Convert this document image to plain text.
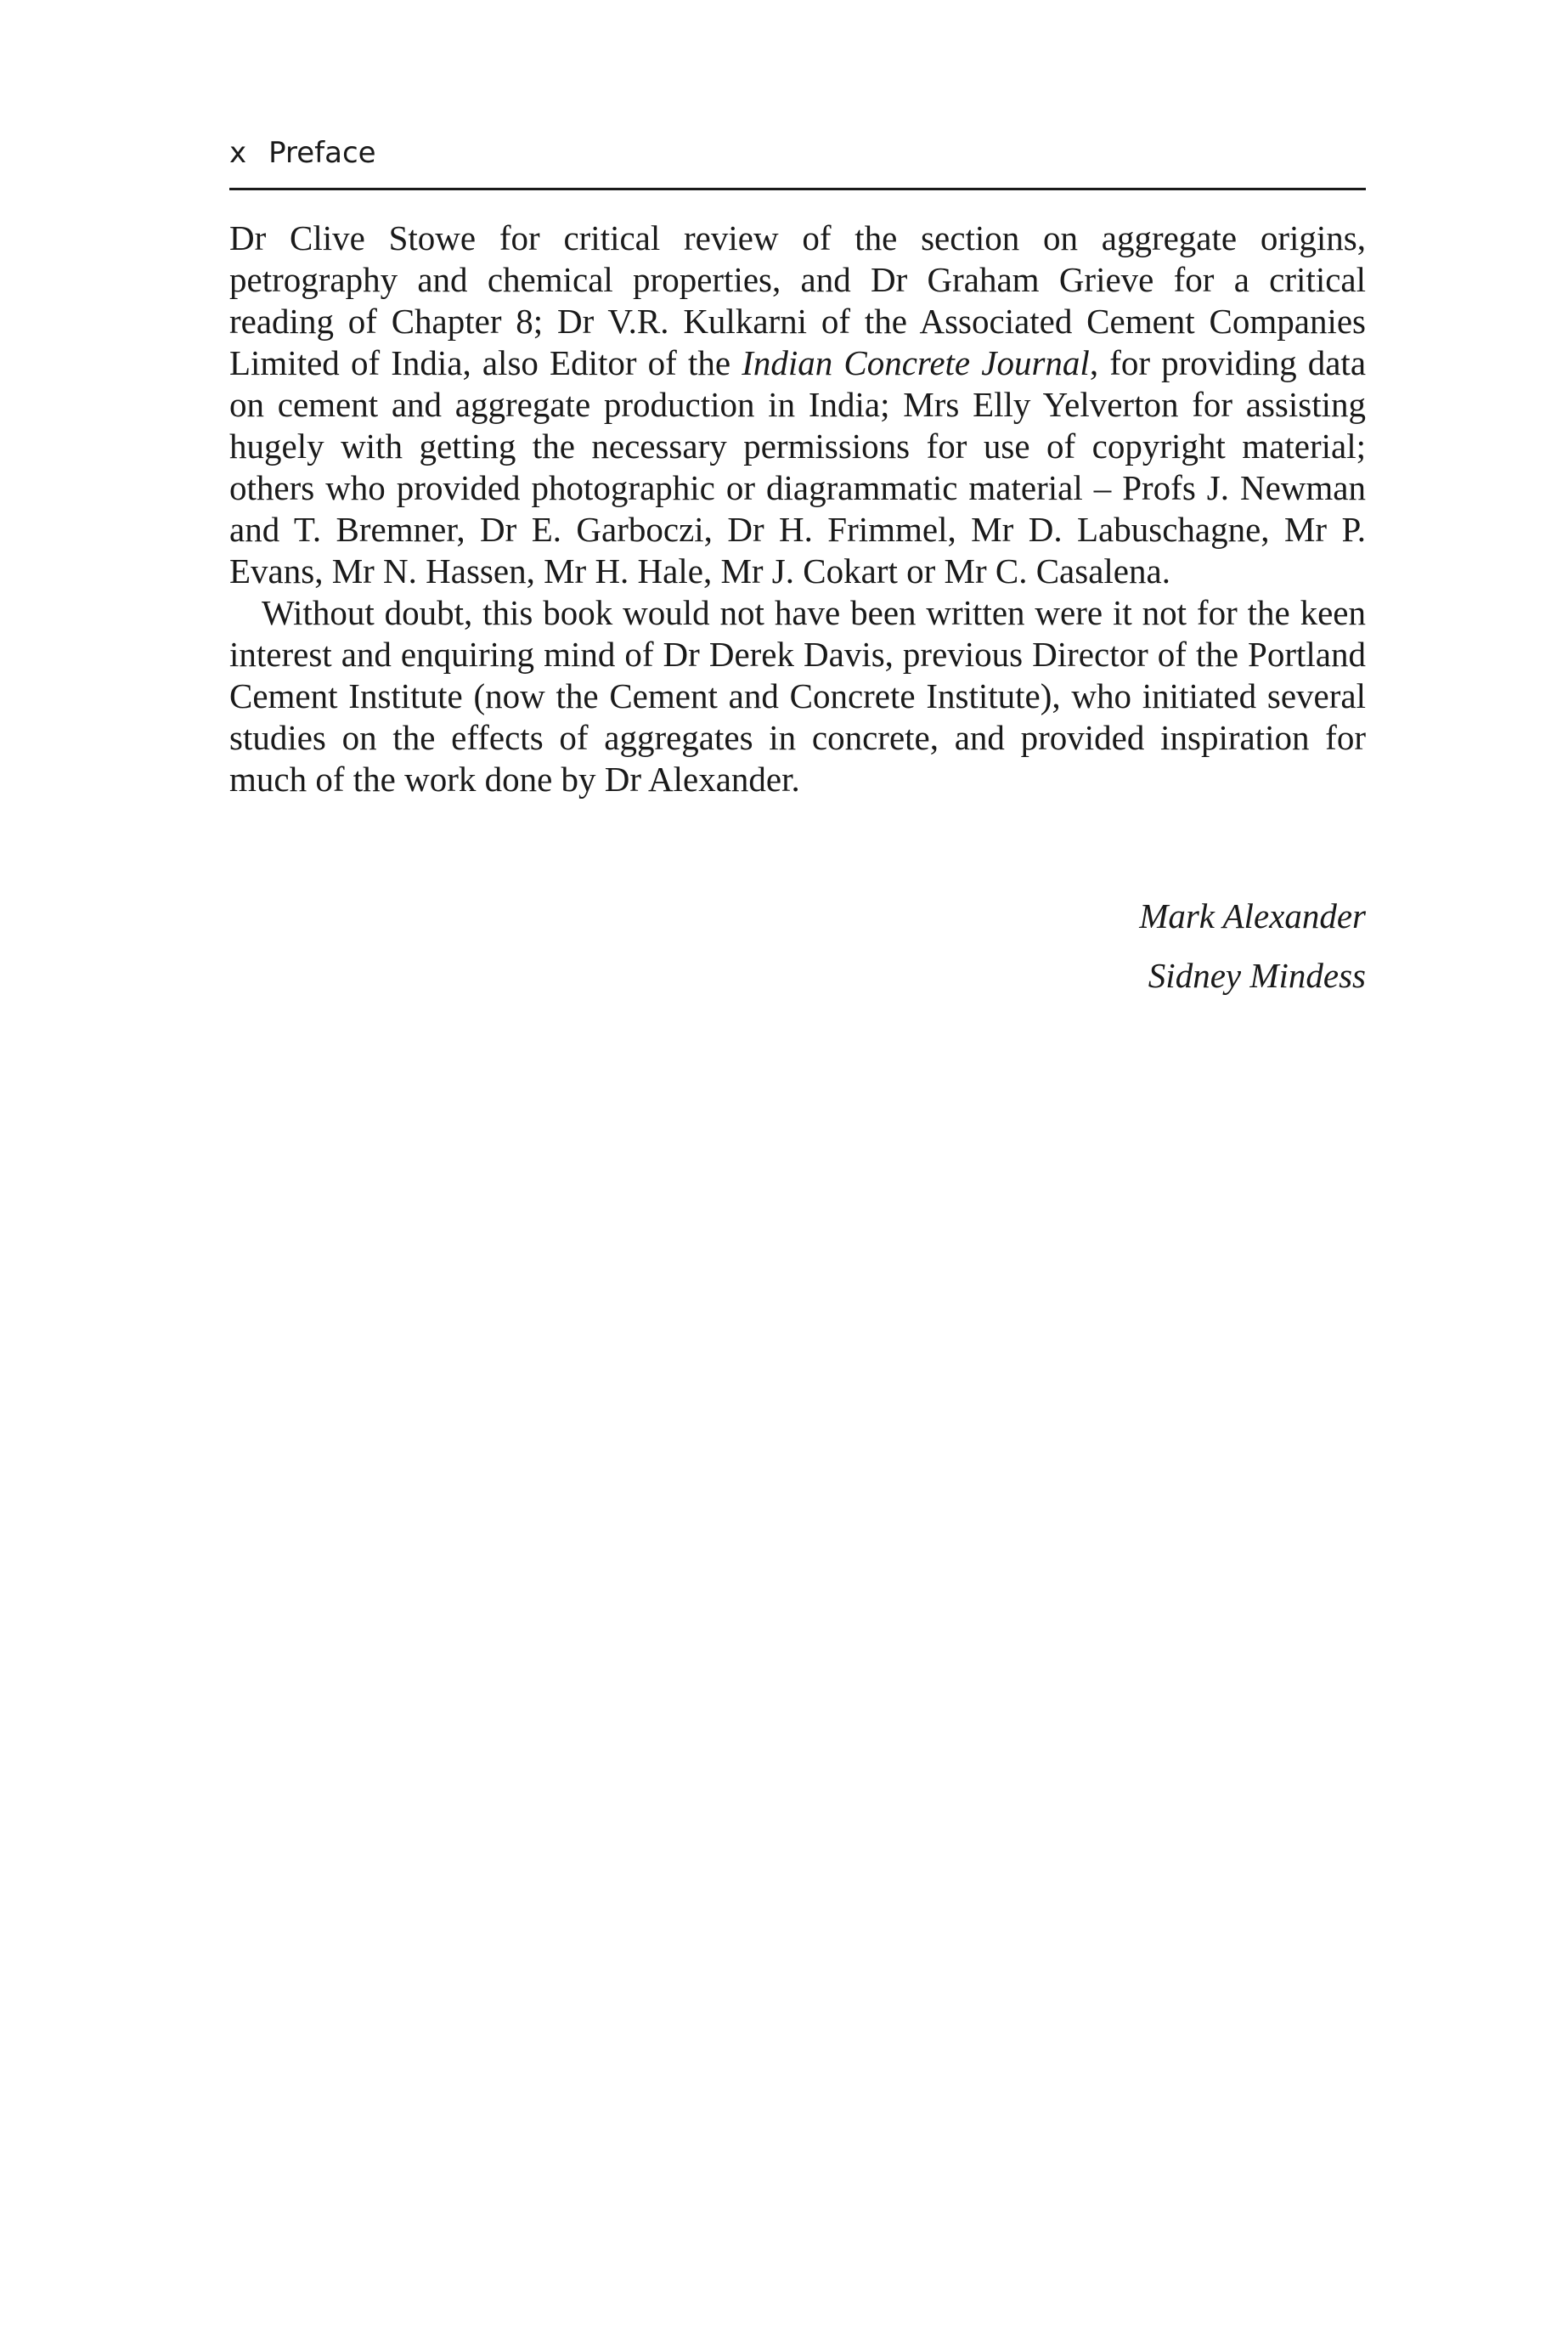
x Preface

Dr Clive Stowe for critical review of the section on aggregate origins, petrography and chemical properties, and Dr Graham Grieve for a critical reading of Chapter 8; Dr V.R. Kulkarni of the Associated Cement Companies Limited of India, also Editor of the Indian Concrete Journal, for providing data on cement and aggregate production in India; Mrs Elly Yelverton for assisting hugely with getting the necessary permissions for use of copyright material; others who provided photographic or diagrammatic material – Profs J. Newman and T. Bremner, Dr E. Garboczi, Dr H. Frimmel, Mr D. Labuschagne, Mr P. Evans, Mr N. Hassen, Mr H. Hale, Mr J. Cokart or Mr C. Casalena.

Without doubt, this book would not have been written were it not for the keen interest and enquiring mind of Dr Derek Davis, previous Director of the Portland Cement Institute (now the Cement and Concrete Institute), who initiated several studies on the effects of aggregates in concrete, and provided inspiration for much of the work done by Dr Alexander.

Mark Alexander
Sidney Mindess
